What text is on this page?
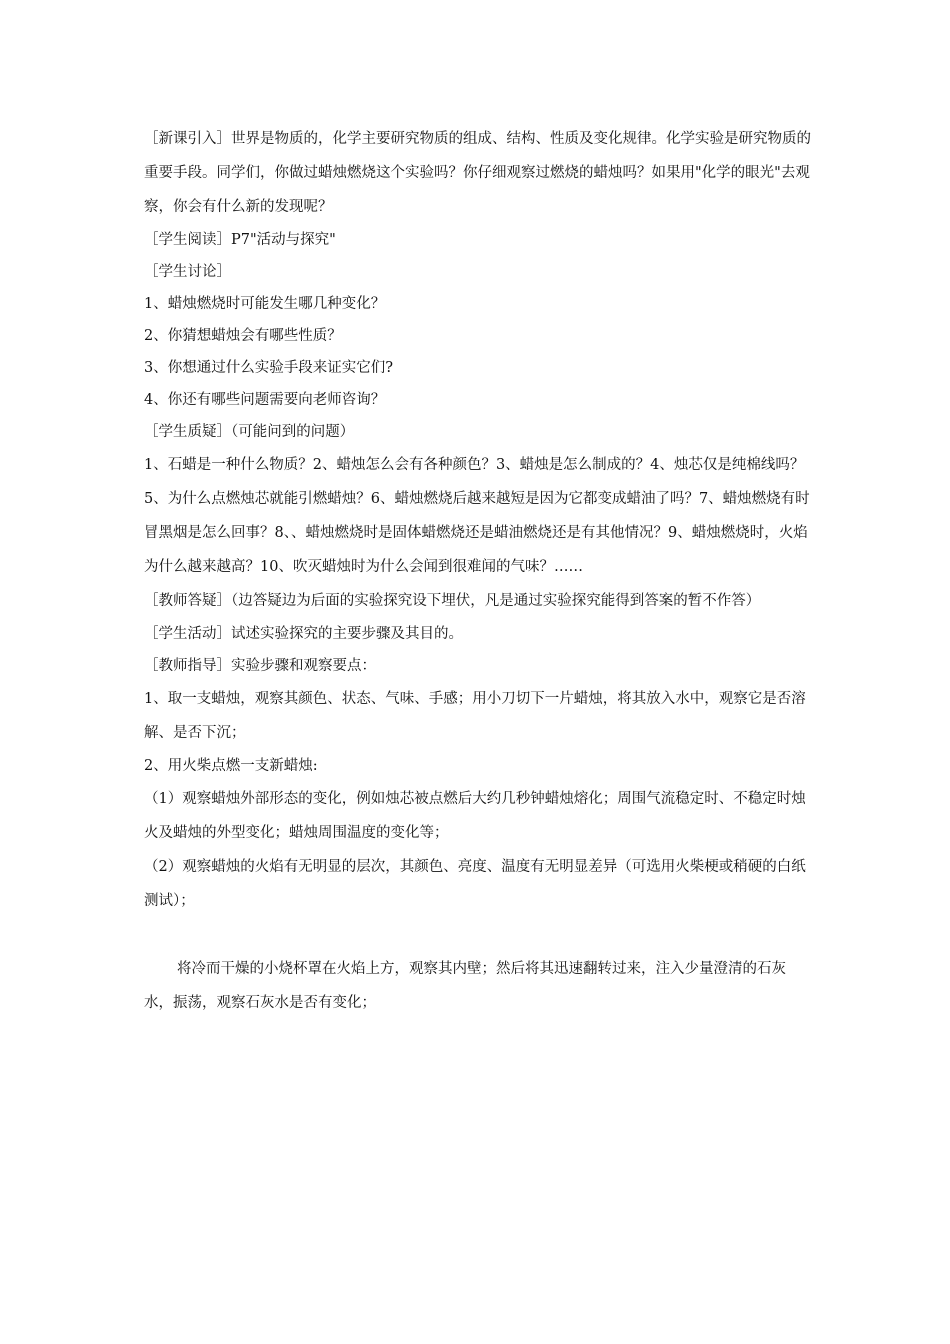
［新课引入］世界是物质的，化学主要研究物质的组成、结构、性质及变化规律。化学实验是研究物质的重要手段。同学们，你做过蜡烛燃烧这个实验吗？你仔细观察过燃烧的蜡烛吗？如果用"化学的眼光"去观察，你会有什么新的发现呢？

［学生阅读］P7"活动与探究"

［学生讨论］

1、蜡烛燃烧时可能发生哪几种变化？

2、你猜想蜡烛会有哪些性质？

3、你想通过什么实验手段来证实它们?

4、你还有哪些问题需要向老师咨询？

［学生质疑］（可能问到的问题）

1、石蜡是一种什么物质？2、蜡烛怎么会有各种颜色？3、蜡烛是怎么制成的？4、烛芯仅是纯棉线吗？5、为什么点燃烛芯就能引燃蜡烛？6、蜡烛燃烧后越来越短是因为它都变成蜡油了吗？7、蜡烛燃烧有时冒黑烟是怎么回事？8、、蜡烛燃烧时是固体蜡燃烧还是蜡油燃烧还是有其他情况？9、蜡烛燃烧时，火焰为什么越来越高？10、吹灭蜡烛时为什么会闻到很难闻的气味？……

［教师答疑］（边答疑边为后面的实验探究设下埋伏，凡是通过实验探究能得到答案的暂不作答）

［学生活动］试述实验探究的主要步骤及其目的。

［教师指导］实验步骤和观察要点：

1、取一支蜡烛，观察其颜色、状态、气味、手感；用小刀切下一片蜡烛，将其放入水中，观察它是否溶解、是否下沉；

2、用火柴点燃一支新蜡烛:

（1）观察蜡烛外部形态的变化，例如烛芯被点燃后大约几秒钟蜡烛熔化；周围气流稳定时、不稳定时烛火及蜡烛的外型变化；蜡烛周围温度的变化等；

（2）观察蜡烛的火焰有无明显的层次，其颜色、亮度、温度有无明显差异（可选用火柴梗或稍硬的白纸测试）；

将冷而干燥的小烧杯罩在火焰上方，观察其内壁；然后将其迅速翻转过来，注入少量澄清的石灰水，振荡，观察石灰水是否有变化；
